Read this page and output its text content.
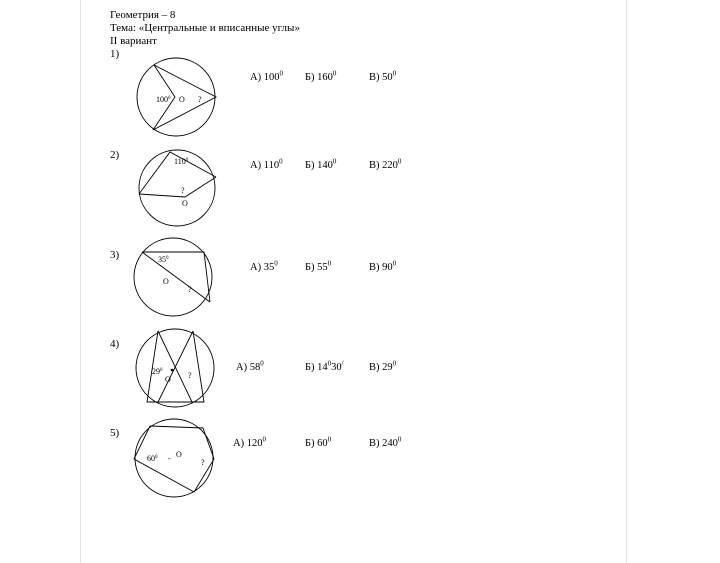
Геометрия – 8
Тема: «Центральные и вписанные углы»
II вариант
1)
$100^0$ O ?
А) $100^0$ Б) $160^0$	В) $50^0$
2)
$110^0$
?
O
А) $110^0$ Б) $140^0$	В) $220^0$
3)	$35^0$
O
?
А) $35^0$	Б) $55^0$	В) $90^0$
4)
$29^0$
O ?
А) $58^0$	Б) $14^030^/$ В) $29^0$
5)
$60^0$ - O
?
А) $120^0$	Б) $60^0$	В) $240^0$
